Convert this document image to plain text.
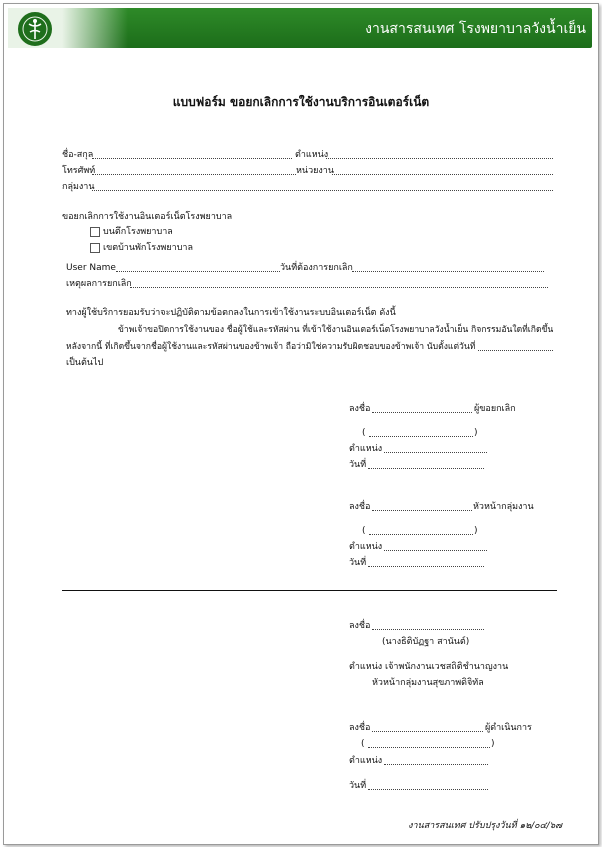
งานสารสนเทศ โรงพยาบาลวังน้ำเย็น
แบบฟอร์ม ขอยกเลิกการใช้งานบริการอินเตอร์เน็ต
ชื่อ-สกุล	ตำแหน่ง
โทรศัพท์	หน่วยงาน
กลุ่มงาน
ขอยกเลิกการใช้งานอินเตอร์เน็ตโรงพยาบาล
บนตึกโรงพยาบาล
เขตบ้านพักโรงพยาบาล
User Name	วันที่ต้องการยกเลิก
เหตุผลการยกเลิก
ทางผู้ใช้บริการยอมรับว่าจะปฏิบัติตามข้อตกลงในการเข้าใช้งานระบบอินเตอร์เน็ต ดังนี้
ข้าพเจ้าขอปิดการใช้งานของ ชื่อผู้ใช้และรหัสผ่าน ที่เข้าใช้งานอินเตอร์เน็ตโรงพยาบาลวังน้ำเย็น กิจกรรมอันใดที่เกิดขึ้น
หลังจากนี้ ที่เกิดขึ้นจากชื่อผู้ใช้งานและรหัสผ่านของข้าพเจ้า ถือว่ามิใช่ความรับผิดชอบของข้าพเจ้า นับตั้งแต่วันที่
เป็นต้นไป
ลงชื่อ	ผู้ขอยกเลิก
(	)
ตำแหน่ง
วันที่
ลงชื่อ	หัวหน้ากลุ่มงาน
(	)
ตำแหน่ง
วันที่
ลงชื่อ
(นางธิติบัฏฐา สานันต์)
ตำแหน่ง เจ้าพนักงานเวชสถิติชำนาญงาน
หัวหน้ากลุ่มงานสุขภาพดิจิทัล
ลงชื่อ	ผู้ดำเนินการ
(	)
ตำแหน่ง
วันที่
งานสารสนเทศ ปรับปรุงวันที่ ๑๒/๐๔/๖๗
